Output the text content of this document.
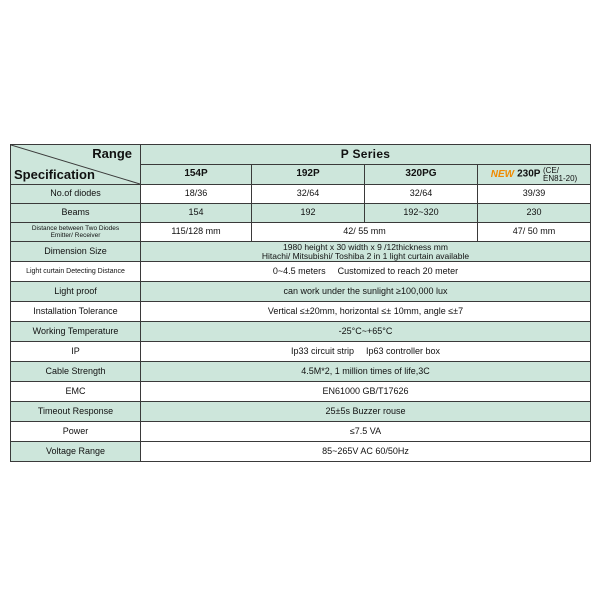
Range
Specification	P Series			
	154P	192P	320PG	NEW 230P (CE/
EN81-20)
No.of diodes	18/36	32/64	32/64	39/39
Beams	154	192	192~320	230
Distance between Two Diodes
Emitter/ Receiver	115/128 mm	42/ 55 mm		47/ 50 mm
Dimension Size	1980 height x 30 width x 9 /12thickness mm
Hitachi/ Mitsubishi/ Toshiba 2 in 1 light curtain available			
Light curtain Detecting Distance	0~4.5 meters Customized to reach 20 meter			
Light proof	can work under the sunlight ≥100,000 lux			
Installation Tolerance	Vertical ≤±20mm, horizontal ≤± 10mm, angle ≤±7			
Working Temperature	-25°C~+65°C			
IP	Ip33 circuit strip Ip63 controller box			
Cable Strength	4.5M*2, 1 million times of life,3C			
EMC	EN61000 GB/T17626			
Timeout Response	25±5s Buzzer rouse			
Power	≤7.5 VA			
Voltage Range	85~265V AC 60/50Hz			
